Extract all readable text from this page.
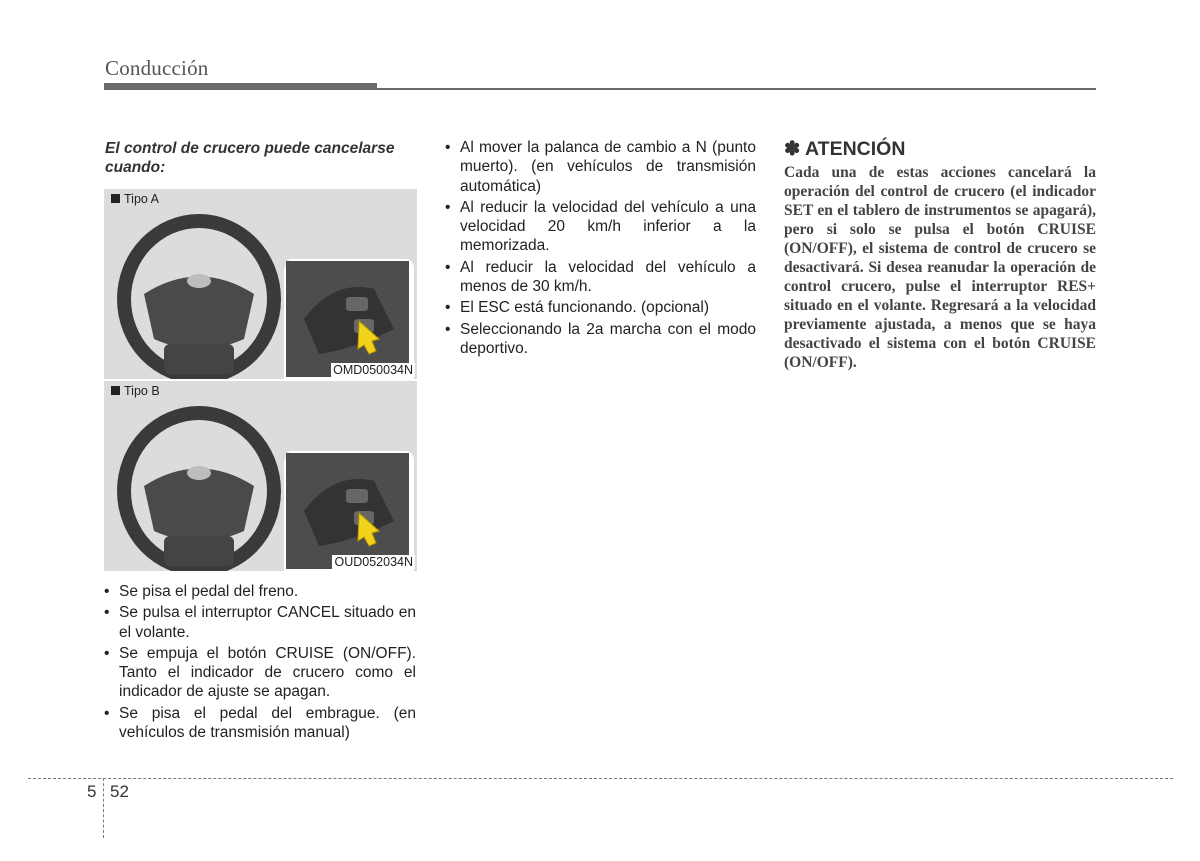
Conducción
El control de crucero puede cancelarse cuando:
Tipo A
OMD050034N
Tipo B
OUD052034N
• Se pisa el pedal del freno.
• Se pulsa el interruptor CANCEL situado en el volante.
• Se empuja el botón CRUISE (ON/OFF). Tanto el indicador de crucero como el indicador de ajuste se apagan.
• Se pisa el pedal del embrague. (en vehículos de transmisión manual)
• Al mover la palanca de cambio a N (punto muerto). (en vehículos de transmisión automática)
• Al reducir la velocidad del vehículo a una velocidad 20 km/h inferior a la memorizada.
• Al reducir la velocidad del vehículo a menos de 30 km/h.
• El ESC está funcionando. (opcional)
• Seleccionando la 2a marcha con el modo deportivo.
✽ ATENCIÓN
Cada una de estas acciones cancelará la operación del control de crucero (el indicador SET en el tablero de instrumentos se apagará), pero si solo se pulsa el botón CRUISE (ON/OFF), el sistema de control de crucero se desactivará. Si desea reanudar la operación de control crucero, pulse el interruptor RES+ situado en el volante. Regresará a la velocidad previamente ajustada, a menos que se haya desactivado el sistema con el botón CRUISE (ON/OFF).
5 52
